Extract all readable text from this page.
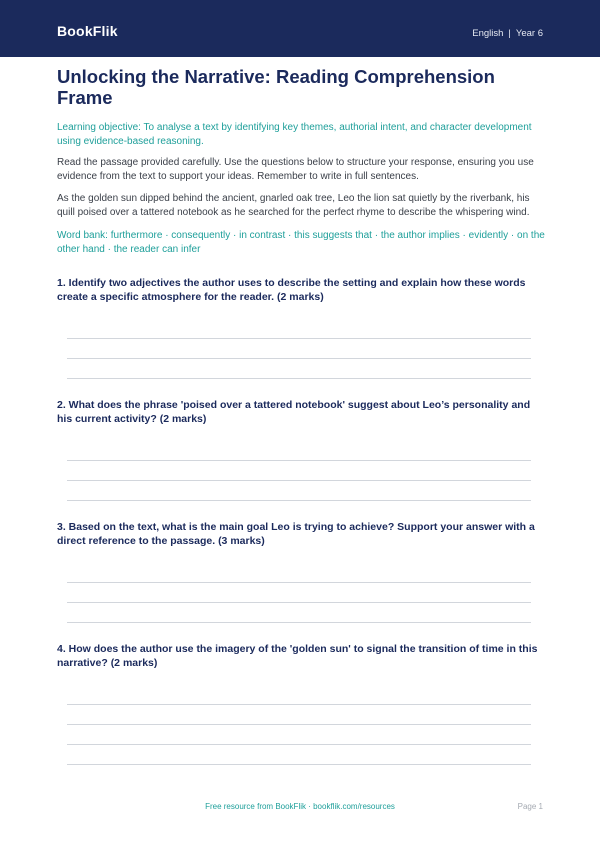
BookFlik	English | Year 6
Unlocking the Narrative: Reading Comprehension Frame

Learning objective: To analyse a text by identifying key themes, authorial intent, and character development using evidence-based reasoning.

Read the passage provided carefully. Use the questions below to structure your response, ensuring you use evidence from the text to support your ideas. Remember to write in full sentences.

As the golden sun dipped behind the ancient, gnarled oak tree, Leo the lion sat quietly by the riverbank, his quill poised over a tattered notebook as he searched for the perfect rhyme to describe the whispering wind.

Word bank: furthermore · consequently · in contrast · this suggests that · the author implies · evidently · on the other hand · the reader can infer

1. Identify two adjectives the author uses to describe the setting and explain how these words create a specific atmosphere for the reader. (2 marks)

2. What does the phrase 'poised over a tattered notebook' suggest about Leo’s personality and his current activity? (2 marks)

3. Based on the text, what is the main goal Leo is trying to achieve? Support your answer with a direct reference to the passage. (3 marks)

4. How does the author use the imagery of the 'golden sun' to signal the transition of time in this narrative? (2 marks)

Free resource from BookFlik · bookflik.com/resources	Page 1
